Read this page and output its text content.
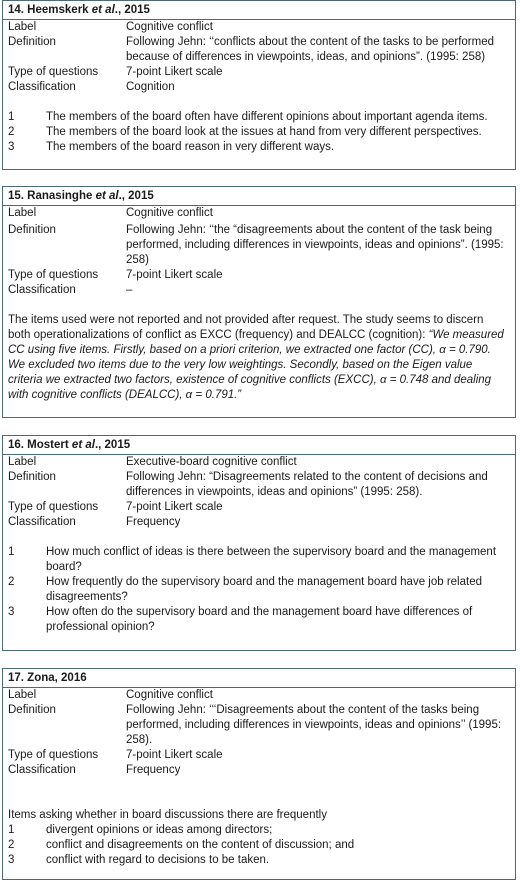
14. Heemskerk et al., 2015
Label	Cognitive conflict
Definition	Following Jehn: ‘‘conflicts about the content of the tasks to be performed because of differences in viewpoints, ideas, and opinions”. (1995: 258)
Type of questions	7-point Likert scale
Classification	Cognition
1	The members of the board often have different opinions about important agenda items.
2	The members of the board look at the issues at hand from very different perspectives.
3	The members of the board reason in very different ways.
15. Ranasinghe et al., 2015
Label	Cognitive conflict
Definition	Following Jehn: ‘‘the “disagreements about the content of the task being performed, including differences in viewpoints, ideas and opinions”. (1995: 258)
Type of questions	7-point Likert scale
Classification	–
The items used were not reported and not provided after request. The study seems to discern both operationalizations of conflict as EXCC (frequency) and DEALCC (cognition): “We measured CC using five items. Firstly, based on a priori criterion, we extracted one factor (CC), α = 0.790. We excluded two items due to the very low weightings. Secondly, based on the Eigen value criteria we extracted two factors, existence of cognitive conflicts (EXCC), α = 0.748 and dealing with cognitive conflicts (DEALCC), α = 0.791.”
16. Mostert et al., 2015
Label	Executive-board cognitive conflict
Definition	Following Jehn: “Disagreements related to the content of decisions and differences in viewpoints, ideas and opinions” (1995: 258).
Type of questions	7-point Likert scale
Classification	Frequency
1	How much conflict of ideas is there between the supervisory board and the management board?
2	How frequently do the supervisory board and the management board have job related disagreements?
3	How often do the supervisory board and the management board have differences of professional opinion?
17. Zona, 2016
Label	Cognitive conflict
Definition	Following Jehn: ‘‘‘Disagreements about the content of the tasks being performed, including differences in viewpoints, ideas and opinions’’ (1995: 258).
Type of questions	7-point Likert scale
Classification	Frequency
Items asking whether in board discussions there are frequently
1	divergent opinions or ideas among directors;
2	conflict and disagreements on the content of discussion; and
3	conflict with regard to decisions to be taken.
